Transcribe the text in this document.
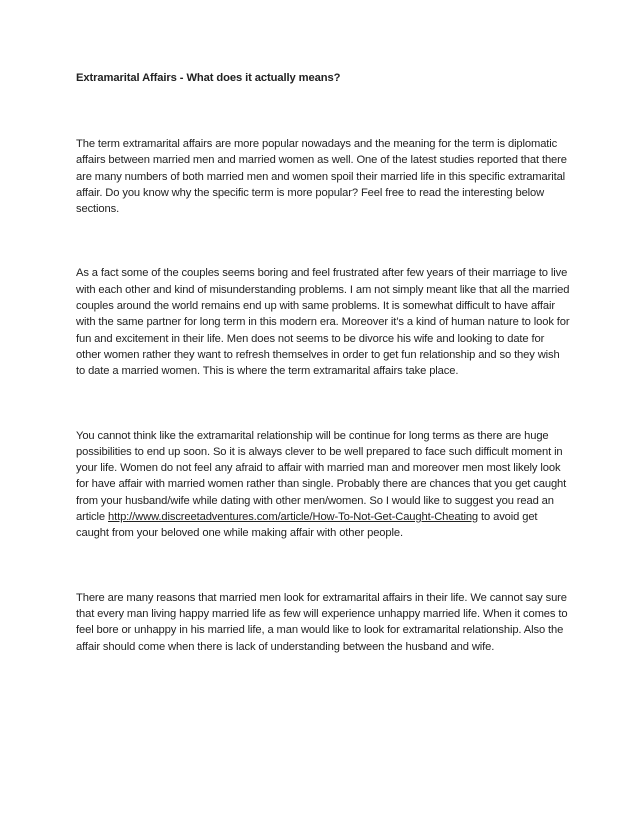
Extramarital Affairs - What does it actually means?

The term extramarital affairs are more popular nowadays and the meaning for the term is diplomatic affairs between married men and married women as well. One of the latest studies reported that there are many numbers of both married men and women spoil their married life in this specific extramarital affair. Do you know why the specific term is more popular? Feel free to read the interesting below sections.

As a fact some of the couples seems boring and feel frustrated after few years of their marriage to live with each other and kind of misunderstanding problems. I am not simply meant like that all the married couples around the world remains end up with same problems. It is somewhat difficult to have affair with the same partner for long term in this modern era. Moreover it’s a kind of human nature to look for fun and excitement in their life. Men does not seems to be divorce his wife and looking to date for other women rather they want to refresh themselves in order to get fun relationship and so they wish to date a married women. This is where the term extramarital affairs take place.

You cannot think like the extramarital relationship will be continue for long terms as there are huge possibilities to end up soon. So it is always clever to be well prepared to face such difficult moment in your life. Women do not feel any afraid to affair with married man and moreover men most likely look for have affair with married women rather than single. Probably there are chances that you get caught from your husband/wife while dating with other men/women. So I would like to suggest you read an article http://www.discreetadventures.com/article/How-To-Not-Get-Caught-Cheating to avoid get caught from your beloved one while making affair with other people.

There are many reasons that married men look for extramarital affairs in their life. We cannot say sure that every man living happy married life as few will experience unhappy married life. When it comes to feel bore or unhappy in his married life, a man would like to look for extramarital relationship. Also the affair should come when there is lack of understanding between the husband and wife.
